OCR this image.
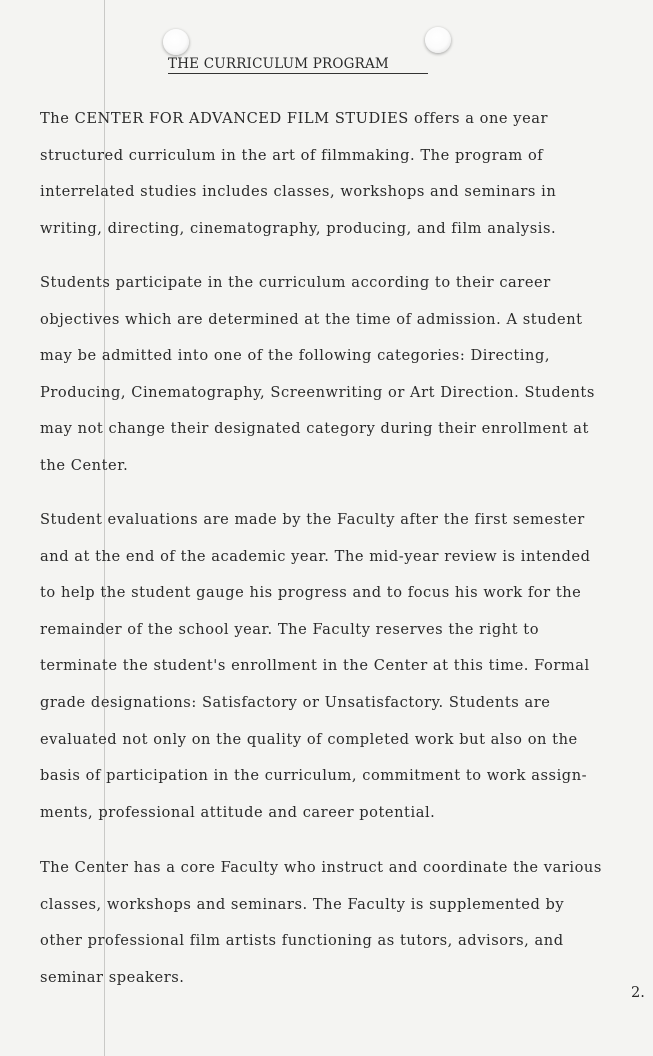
THE CURRICULUM PROGRAM
The CENTER FOR ADVANCED FILM STUDIES offers a one year
structured curriculum in the art of filmmaking. The program of
interrelated studies includes classes, workshops and seminars in
writing, directing, cinematography, producing, and film analysis.
Students participate in the curriculum according to their career
objectives which are determined at the time of admission. A student
may be admitted into one of the following categories: Directing,
Producing, Cinematography, Screenwriting or Art Direction. Students
may not change their designated category during their enrollment at
the Center.
Student evaluations are made by the Faculty after the first semester
and at the end of the academic year. The mid-year review is intended
to help the student gauge his progress and to focus his work for the
remainder of the school year. The Faculty reserves the right to
terminate the student's enrollment in the Center at this time. Formal
grade designations: Satisfactory or Unsatisfactory. Students are
evaluated not only on the quality of completed work but also on the
basis of participation in the curriculum, commitment to work assign-
ments, professional attitude and career potential.
The Center has a core Faculty who instruct and coordinate the various
classes, workshops and seminars. The Faculty is supplemented by
other professional film artists functioning as tutors, advisors, and
seminar speakers.
2.
